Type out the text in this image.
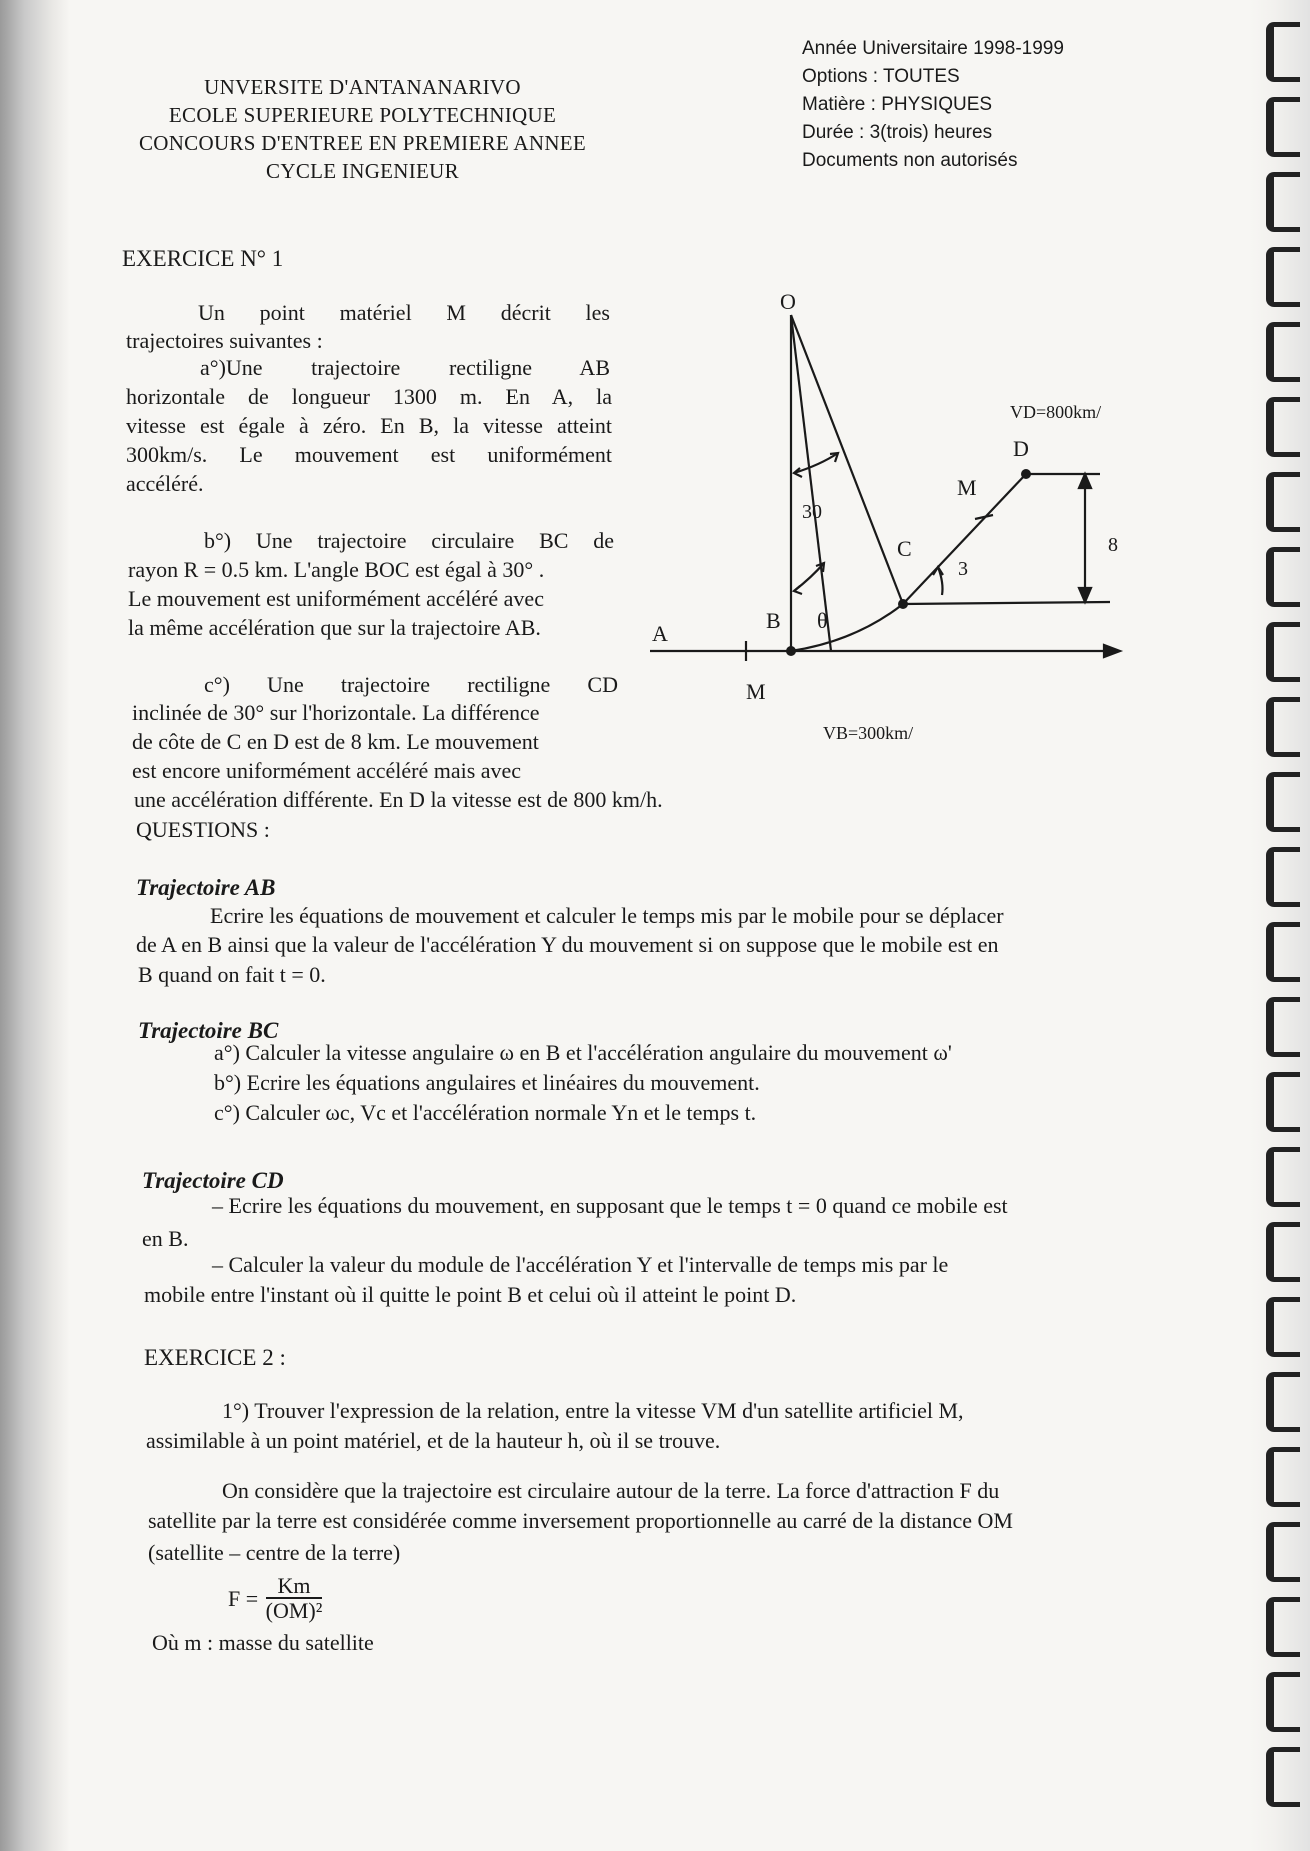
UNVERSITE D'ANTANANARIVO
ECOLE SUPERIEURE POLYTECHNIQUE
CONCOURS D'ENTREE EN PREMIERE ANNEE
CYCLE INGENIEUR
Année Universitaire 1998-1999
Options : TOUTES
Matière : PHYSIQUES
Durée : 3(trois) heures
Documents non autorisés
EXERCICE N° 1
Un point matériel M décrit les
trajectoires suivantes :
a°)Une trajectoire rectiligne AB
horizontale de longueur 1300 m. En A, la
vitesse est égale à zéro. En B, la vitesse atteint
300km/s. Le mouvement est uniformément
accéléré.
b°) Une trajectoire circulaire BC de
rayon R = 0.5 km. L'angle BOC est égal à 30° .
Le mouvement est uniformément accéléré avec
la même accélération que sur la trajectoire AB.
c°) Une trajectoire rectiligne CD
inclinée de 30° sur l'horizontale. La différence
de côte de C en D est de 8 km. Le mouvement
est encore uniformément accéléré mais avec
une accélération différente. En D la vitesse est de 800 km/h.
QUESTIONS :
O
A
B θ
C
D
M
M
30
3
8
VD=800km/
VB=300km/
Trajectoire AB
Ecrire les équations de mouvement et calculer le temps mis par le mobile pour se déplacer
de A en B ainsi que la valeur de l'accélération Y du mouvement si on suppose que le mobile est en
B quand on fait t = 0.
Trajectoire BC
a°) Calculer la vitesse angulaire ω en B et l'accélération angulaire du mouvement ω'
b°) Ecrire les équations angulaires et linéaires du mouvement.
c°) Calculer ωc, Vc et l'accélération normale Yn et le temps t.
Trajectoire CD
– Ecrire les équations du mouvement, en supposant que le temps t = 0 quand ce mobile est
en B.
– Calculer la valeur du module de l'accélération Y et l'intervalle de temps mis par le
mobile entre l'instant où il quitte le point B et celui où il atteint le point D.
EXERCICE 2 :
1°) Trouver l'expression de la relation, entre la vitesse VM d'un satellite artificiel M,
assimilable à un point matériel, et de la hauteur h, où il se trouve.
On considère que la trajectoire est circulaire autour de la terre. La force d'attraction F du
satellite par la terre est considérée comme inversement proportionnelle au carré de la distance OM
(satellite – centre de la terre)
$F = \frac{Km}{\text{(OM)²}}$
Où m : masse du satellite
